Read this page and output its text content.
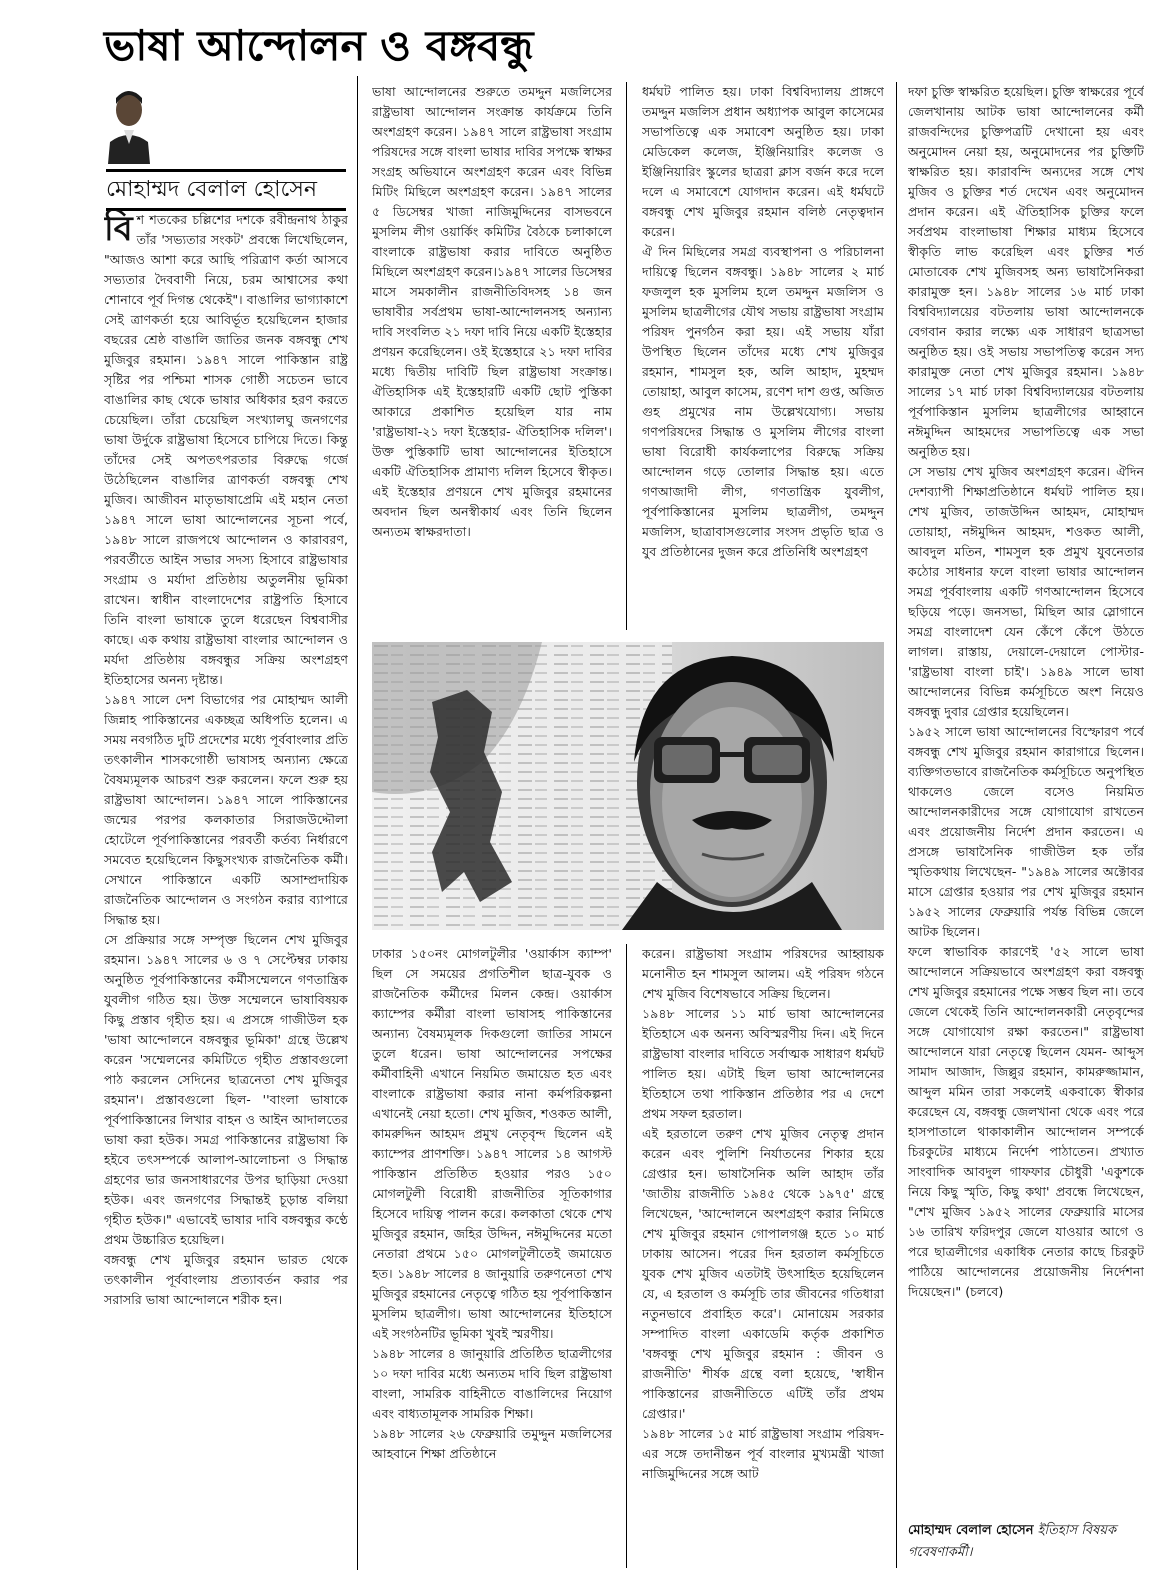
ভাষা আন্দোলন ও বঙ্গবন্ধু
মোহাম্মদ বেলাল হোসেন

বিশ শতকের চল্লিশের দশকে রবীন্দ্রনাথ ঠাকুর তাঁর 'সভ্যতার সংকট' প্রবন্ধে লিখেছিলেন, "আজও আশা করে আছি পরিত্রাণ কর্তা আসবে সভ্যতার দৈববাণী নিয়ে, চরম আশ্বাসের কথা শোনাবে পূর্ব দিগন্ত থেকেই"। বাঙালির ভাগ্যাকাশে সেই ত্রাণকর্তা হয়ে আবির্ভূত হয়েছিলেন হাজার বছরের শ্রেষ্ঠ বাঙালি জাতির জনক বঙ্গবন্ধু শেখ মুজিবুর রহমান। ১৯৪৭ সালে পাকিস্তান রাষ্ট্র সৃষ্টির পর পশ্চিমা শাসক গোষ্ঠী সচেতন ভাবে বাঙালির কাছ থেকে ভাষার অধিকার হরণ করতে চেয়েছিল। তাঁরা চেয়েছিল সংখ্যালঘু জনগণের ভাষা উর্দুকে রাষ্ট্রভাষা হিসেবে চাপিয়ে দিতে। কিন্তু তাঁদের সেই অপতৎপরতার বিরুদ্ধে গর্জে উঠেছিলেন বাঙালির ত্রাণকর্তা বঙ্গবন্ধু শেখ মুজিব। আজীবন মাতৃভাষাপ্রেমি এই মহান নেতা ১৯৪৭ সালে ভাষা আন্দোলনের সূচনা পর্বে, ১৯৪৮ সালে রাজপথে আন্দোলন ও কারাবরণ, পরবর্তীতে আইন সভার সদস্য হিসাবে রাষ্ট্রভাষার সংগ্রাম ও মর্যাদা প্রতিষ্ঠায় অতুলনীয় ভূমিকা রাখেন। স্বাধীন বাংলাদেশের রাষ্ট্রপতি হিসাবে তিনি বাংলা ভাষাকে তুলে ধরেছেন বিশ্ববাসীর কাছে। এক কথায় রাষ্ট্রভাষা বাংলার আন্দোলন ও মর্যদা প্রতিষ্ঠায় বঙ্গবন্ধুর সক্রিয় অংশগ্রহণ ইতিহাসের অনন্য দৃষ্টান্ত।

১৯৪৭ সালে দেশ বিভাগের পর মোহাম্মদ আলী জিন্নাহ পাকিস্তানের একচ্ছত্র অধিপতি হলেন। এ সময় নবগঠিত দুটি প্রদেশের মধ্যে পূর্ববাংলার প্রতি তৎকালীন শাসকগোষ্ঠী ভাষাসহ অন্যান্য ক্ষেত্রে বৈষম্যমূলক আচরণ শুরু করলেন। ফলে শুরু হয় রাষ্ট্রভাষা আন্দোলন। ১৯৪৭ সালে পাকিস্তানের জন্মের পরপর কলকাতার সিরাজউদ্দৌলা হোটেলে পূর্বপাকিস্তানের পরবর্তী কর্তব্য নির্ধারণে সমবেত হয়েছিলেন কিছুসংখ্যক রাজনৈতিক কর্মী। সেখানে পাকিস্তানে একটি অসাম্প্রদায়িক রাজনৈতিক আন্দোলন ও সংগঠন করার ব্যাপারে সিদ্ধান্ত হয়।

সে প্রক্রিয়ার সঙ্গে সম্পৃক্ত ছিলেন শেখ মুজিবুর রহমান। ১৯৪৭ সালের ৬ ও ৭ সেপ্টেম্বর ঢাকায় অনুষ্ঠিত পূর্বপাকিস্তানের কর্মীসম্মেলনে গণতান্ত্রিক যুবলীগ গঠিত হয়। উক্ত সম্মেলনে ভাষাবিষয়ক কিছু প্রস্তাব গৃহীত হয়। এ প্রসঙ্গে গাজীউল হক 'ভাষা আন্দোলনে বঙ্গবন্ধুর ভূমিকা' গ্রন্থে উল্লেখ করেন 'সম্মেলনের কমিটিতে গৃহীত প্রস্তাবগুলো পাঠ করলেন সেদিনের ছাত্রনেতা শেখ মুজিবুর রহমান'। প্রস্তাবগুলো ছিল- ''বাংলা ভাষাকে পূর্বপাকিস্তানের লিখার বাহন ও আইন আদালতের ভাষা করা হউক। সমগ্র পাকিস্তানের রাষ্ট্রভাষা কি হইবে তৎসম্পর্কে আলাপ-আলোচনা ও সিদ্ধান্ত গ্রহণের ভার জনসাধারণের উপর ছাড়িয়া দেওয়া হউক। এবং জনগণের সিদ্ধান্তই চূড়ান্ত বলিয়া গৃহীত হউক।" এভাবেই ভাষার দাবি বঙ্গবন্ধুর কণ্ঠে প্রথম উচ্চারিত হয়েছিল।

বঙ্গবন্ধু শেখ মুজিবুর রহমান ভারত থেকে তৎকালীন পূর্ববাংলায় প্রত্যাবর্তন করার পর সরাসরি ভাষা আন্দোলনে শরীক হন।

ভাষা আন্দোলনের শুরুতে তমদ্দুন মজলিসের রাষ্ট্রভাষা আন্দোলন সংক্রান্ত কার্যক্রমে তিনি অংশগ্রহণ করেন। ১৯৪৭ সালে রাষ্ট্রভাষা সংগ্রাম পরিষদের সঙ্গে বাংলা ভাষার দাবির সপক্ষে স্বাক্ষর সংগ্রহ অভিযানে অংশগ্রহণ করেন এবং বিভিন্ন মিটিং মিছিলে অংশগ্রহণ করেন। ১৯৪৭ সালের ৫ ডিসেম্বর খাজা নাজিমুদ্দিনের বাসভবনে মুসলিম লীগ ওয়ার্কিং কমিটির বৈঠকে চলাকালে বাংলাকে রাষ্ট্রভাষা করার দাবিতে অনুষ্ঠিত মিছিলে অংশগ্রহণ করেন।১৯৪৭ সালের ডিসেম্বর মাসে সমকালীন রাজনীতিবিদসহ ১৪ জন ভাষাবীর সর্বপ্রথম ভাষা-আন্দোলনসহ অন্যান্য দাবি সংবলিত ২১ দফা দাবি নিয়ে একটি ইস্তেহার প্রণয়ন করেছিলেন। ওই ইস্তেহারে ২১ দফা দাবির মধ্যে দ্বিতীয় দাবিটি ছিল রাষ্ট্রভাষা সংক্রান্ত। ঐতিহাসিক এই ইস্তেহারটি একটি ছোট পুস্তিকা আকারে প্রকাশিত হয়েছিল যার নাম 'রাষ্ট্রভাষা-২১ দফা ইস্তেহার- ঐতিহাসিক দলিল'। উক্ত পুস্তিকাটি ভাষা আন্দোলনের ইতিহাসে একটি ঐতিহাসিক প্রামাণ্য দলিল হিসেবে স্বীকৃত। এই ইস্তেহার প্রণয়নে শেখ মুজিবুর রহমানের অবদান ছিল অনস্বীকার্য এবং তিনি ছিলেন অন্যতম স্বাক্ষরদাতা।

ধর্মঘট পালিত হয়। ঢাকা বিশ্ববিদ্যালয় প্রাঙ্গণে তমদ্দুন মজলিস প্রধান অধ্যাপক আবুল কাসেমের সভাপতিত্বে এক সমাবেশ অনুষ্ঠিত হয়। ঢাকা মেডিকেল কলেজ, ইঞ্জিনিয়ারিং কলেজ ও ইঞ্জিনিয়ারিং স্কুলের ছাত্ররা ক্লাস বর্জন করে দলে দলে এ সমাবেশে যোগদান করেন। এই ধর্মঘটে বঙ্গবন্ধু শেখ মুজিবুর রহমান বলিষ্ঠ নেতৃত্বদান করেন।

ঐ দিন মিছিলের সমগ্র ব্যবস্থাপনা ও পরিচালনা দায়িত্বে ছিলেন বঙ্গবন্ধু। ১৯৪৮ সালের ২ মার্চ ফজলুল হক মুসলিম হলে তমদ্দুন মজলিস ও মুসলিম ছাত্রলীগের যৌথ সভায় রাষ্ট্রভাষা সংগ্রাম পরিষদ পুনর্গঠন করা হয়। এই সভায় যাঁরা উপস্থিত ছিলেন তাঁদের মধ্যে শেখ মুজিবুর রহমান, শামসুল হক, অলি আহাদ, মুহম্মদ তোয়াহা, আবুল কাসেম, রণেশ দাশ গুপ্ত, অজিত গুহ প্রমুখের নাম উল্লেখযোগ্য। সভায় গণপরিষদের সিদ্ধান্ত ও মুসলিম লীগের বাংলা ভাষা বিরোধী কার্যকলাপের বিরুদ্ধে সক্রিয় আন্দোলন গড়ে তোলার সিদ্ধান্ত হয়। এতে গণআজাদী লীগ, গণতান্ত্রিক যুবলীগ, পূর্বপাকিস্তানের মুসলিম ছাত্রলীগ, তমদ্দুন মজলিস, ছাত্রাবাসগুলোর সংসদ প্রভৃতি ছাত্র ও যুব প্রতিষ্ঠানের দুজন করে প্রতিনিধি অংশগ্রহণ

ঢাকার ১৫০নং মোগলটুলীর 'ওয়ার্কাস ক্যাম্প' ছিল সে সময়ের প্রগতিশীল ছাত্র-যুবক ও রাজনৈতিক কর্মীদের মিলন কেন্দ্র। ওয়ার্কাস ক্যাম্পের কর্মীরা বাংলা ভাষাসহ পাকিস্তানের অন্যান্য বৈষম্যমূলক দিকগুলো জাতির সামনে তুলে ধরেন। ভাষা আন্দোলনের সপক্ষের কর্মীবাহিনী এখানে নিয়মিত জমায়েত হত এবং বাংলাকে রাষ্ট্রভাষা করার নানা কর্মপরিকল্পনা এখানেই নেয়া হতো। শেখ মুজিব, শওকত আলী, কামরুদ্দিন আহমদ প্রমুখ নেতৃবৃন্দ ছিলেন এই ক্যাম্পের প্রাণশক্তি। ১৯৪৭ সালের ১৪ আগস্ট পাকিস্তান প্রতিষ্ঠিত হওয়ার পরও ১৫০ মোগলটুলী বিরোধী রাজনীতির সূতিকাগার হিসেবে দায়িত্ব পালন করে। কলকাতা থেকে শেখ মুজিবুর রহমান, জহির উদ্দিন, নঈমুদ্দিনের মতো নেতারা প্রথমে ১৫০ মোগলটুলীতেই জমায়েত হত। ১৯৪৮ সালের ৪ জানুয়ারি তরুণনেতা শেখ মুজিবুর রহমানের নেতৃত্বে গঠিত হয় পূর্বপাকিস্তান মুসলিম ছাত্রলীগ। ভাষা আন্দোলনের ইতিহাসে এই সংগঠনটির ভূমিকা খুবই স্মরণীয়।

১৯৪৮ সালের ৪ জানুয়ারি প্রতিষ্ঠিত ছাত্রলীগের ১০ দফা দাবির মধ্যে অন্যতম দাবি ছিল রাষ্ট্রভাষা বাংলা, সামরিক বাহিনীতে বাঙালিদের নিয়োগ এবং বাধ্যতামূলক সামরিক শিক্ষা।

১৯৪৮ সালের ২৬ ফেব্রুয়ারি তমুদ্দুন মজলিসের আহবানে শিক্ষা প্রতিষ্ঠানে

করেন। রাষ্ট্রভাষা সংগ্রাম পরিষদের আহ্বায়ক মনোনীত হন শামসুল আলম। এই পরিষদ গঠনে শেখ মুজিব বিশেষভাবে সক্রিয় ছিলেন।

১৯৪৮ সালের ১১ মার্চ ভাষা আন্দোলনের ইতিহাসে এক অনন্য অবিস্মরণীয় দিন। এই দিনে রাষ্ট্রভাষা বাংলার দাবিতে সর্বাত্মক সাধারণ ধর্মঘট পালিত হয়। এটাই ছিল ভাষা আন্দোলনের ইতিহাসে তথা পাকিস্তান প্রতিষ্ঠার পর এ দেশে প্রথম সফল হরতাল।

এই হরতালে তরুণ শেখ মুজিব নেতৃত্ব প্রদান করেন এবং পুলিশি নির্যাতনের শিকার হয়ে গ্রেপ্তার হন। ভাষাসৈনিক অলি আহাদ তাঁর 'জাতীয় রাজনীতি ১৯৪৫ থেকে ১৯৭৫' গ্রন্থে লিখেছেন, 'আন্দোলনে অংশগ্রহণ করার নিমিত্তে শেখ মুজিবুর রহমান গোপালগঞ্জ হতে ১০ মার্চ ঢাকায় আসেন। পরের দিন হরতাল কর্মসূচিতে যুবক শেখ মুজিব এতটাই উৎসাহিত হয়েছিলেন যে, এ হরতাল ও কর্মসূচি তার জীবনের গতিধারা নতুনভাবে প্রবাহিত করে'। মোনায়েম সরকার সম্পাদিত বাংলা একাডেমি কর্তৃক প্রকাশিত 'বঙ্গবন্ধু শেখ মুজিবুর রহমান : জীবন ও রাজনীতি' শীর্ষক গ্রন্থে বলা হয়েছে, 'স্বাধীন পাকিস্তানের রাজনীতিতে এটিই তাঁর প্রথম গ্রেপ্তার।'

১৯৪৮ সালের ১৫ মার্চ রাষ্ট্রভাষা সংগ্রাম পরিষদ-এর সঙ্গে তদানীন্তন পূর্ব বাংলার মুখ্যমন্ত্রী খাজা নাজিমুদ্দিনের সঙ্গে আট

দফা চুক্তি স্বাক্ষরিত হয়েছিল। চুক্তি স্বাক্ষরের পূর্বে জেলখানায় আটক ভাষা আন্দোলনের কর্মী রাজবন্দিদের চুক্তিপত্রটি দেখানো হয় এবং অনুমোদন নেয়া হয়, অনুমোদনের পর চুক্তিটি স্বাক্ষরিত হয়। কারাবন্দি অন্যদের সঙ্গে শেখ মুজিব ও চুক্তির শর্ত দেখেন এবং অনুমোদন প্রদান করেন। এই ঐতিহাসিক চুক্তির ফলে সর্বপ্রথম বাংলাভাষা শিক্ষার মাধ্যম হিসেবে স্বীকৃতি লাভ করেছিল এবং চুক্তির শর্ত মোতাবেক শেখ মুজিবসহ অন্য ভাষাসৈনিকরা কারামুক্ত হন। ১৯৪৮ সালের ১৬ মার্চ ঢাকা বিশ্ববিদ্যালয়ের বটতলায় ভাষা আন্দোলনকে বেগবান করার লক্ষ্যে এক সাধারণ ছাত্রসভা অনুষ্ঠিত হয়। ওই সভায় সভাপতিত্ব করেন সদ্য কারামুক্ত নেতা শেখ মুজিবুর রহমান। ১৯৪৮ সালের ১৭ মার্চ ঢাকা বিশ্ববিদ্যালয়ের বটতলায় পূর্বপাকিস্তান মুসলিম ছাত্রলীগের আহ্বানে নঈমুদ্দিন আহমদের সভাপতিত্বে এক সভা অনুষ্ঠিত হয়।

সে সভায় শেখ মুজিব অংশগ্রহণ করেন। ঐদিন দেশব্যাপী শিক্ষাপ্রতিষ্ঠানে ধর্মঘট পালিত হয়। শেখ মুজিব, তাজউদ্দিন আহমদ, মোহাম্মদ তোয়াহা, নঈমুদ্দিন আহমদ, শওকত আলী, আবদুল মতিন, শামসুল হক প্রমুখ যুবনেতার কঠোর সাধনার ফলে বাংলা ভাষার আন্দোলন সমগ্র পূর্ববাংলায় একটি গণআন্দোলন হিসেবে ছড়িয়ে পড়ে। জনসভা, মিছিল আর স্লোগানে সমগ্র বাংলাদেশ যেন কেঁপে কেঁপে উঠতে লাগল। রাস্তায়, দেয়ালে-দেয়ালে পোস্টার- 'রাষ্ট্রভাষা বাংলা চাই'। ১৯৪৯ সালে ভাষা আন্দোলনের বিভিন্ন কর্মসূচিতে অংশ নিয়েও বঙ্গবন্ধু দুবার গ্রেপ্তার হয়েছিলেন।

১৯৫২ সালে ভাষা আন্দোলনের বিস্ফোরণ পর্বে বঙ্গবন্ধু শেখ মুজিবুর রহমান কারাগারে ছিলেন। ব্যক্তিগতভাবে রাজনৈতিক কর্মসূচিতে অনুপস্থিত থাকলেও জেলে বসেও নিয়মিত আন্দোলনকারীদের সঙ্গে যোগাযোগ রাখতেন এবং প্রয়োজনীয় নির্দেশ প্রদান করতেন। এ প্রসঙ্গে ভাষাসৈনিক গাজীউল হক তাঁর স্মৃতিকথায় লিখেছেন- "১৯৪৯ সালের অক্টোবর মাসে গ্রেপ্তার হওয়ার পর শেখ মুজিবুর রহমান ১৯৫২ সালের ফেব্রুয়ারি পর্যন্ত বিভিন্ন জেলে আটক ছিলেন।

ফলে স্বাভাবিক কারণেই '৫২ সালে ভাষা আন্দোলনে সক্রিয়ভাবে অংশগ্রহণ করা বঙ্গবন্ধু শেখ মুজিবুর রহমানের পক্ষে সম্ভব ছিল না। তবে জেলে থেকেই তিনি আন্দোলনকারী নেতৃবৃন্দের সঙ্গে যোগাযোগ রক্ষা করতেন।" রাষ্ট্রভাষা আন্দোলনে যারা নেতৃত্বে ছিলেন যেমন- আব্দুস সামাদ আজাদ, জিল্লুর রহমান, কামরুজ্জামান, আব্দুল মমিন তারা সকলেই একবাক্যে স্বীকার করেছেন যে, বঙ্গবন্ধু জেলখানা থেকে এবং পরে হাসপাতালে থাকাকালীন আন্দোলন সম্পর্কে চিরকুটের মাধ্যমে নির্দেশ পাঠাতেন। প্রখ্যাত সাংবাদিক আবদুল গাফফার চৌধুরী 'একুশকে নিয়ে কিছু স্মৃতি, কিছু কথা' প্রবন্ধে লিখেছেন, "শেখ মুজিব ১৯৫২ সালের ফেব্রুয়ারি মাসের ১৬ তারিখ ফরিদপুর জেলে যাওয়ার আগে ও পরে ছাত্রলীগের একাধিক নেতার কাছে চিরকুট পাঠিয়ে আন্দোলনের প্রয়োজনীয় নির্দেশনা দিয়েছেন।" (চলবে)

মোহাম্মদ বেলাল হোসেন ইতিহাস বিষয়ক গবেষণাকর্মী।
